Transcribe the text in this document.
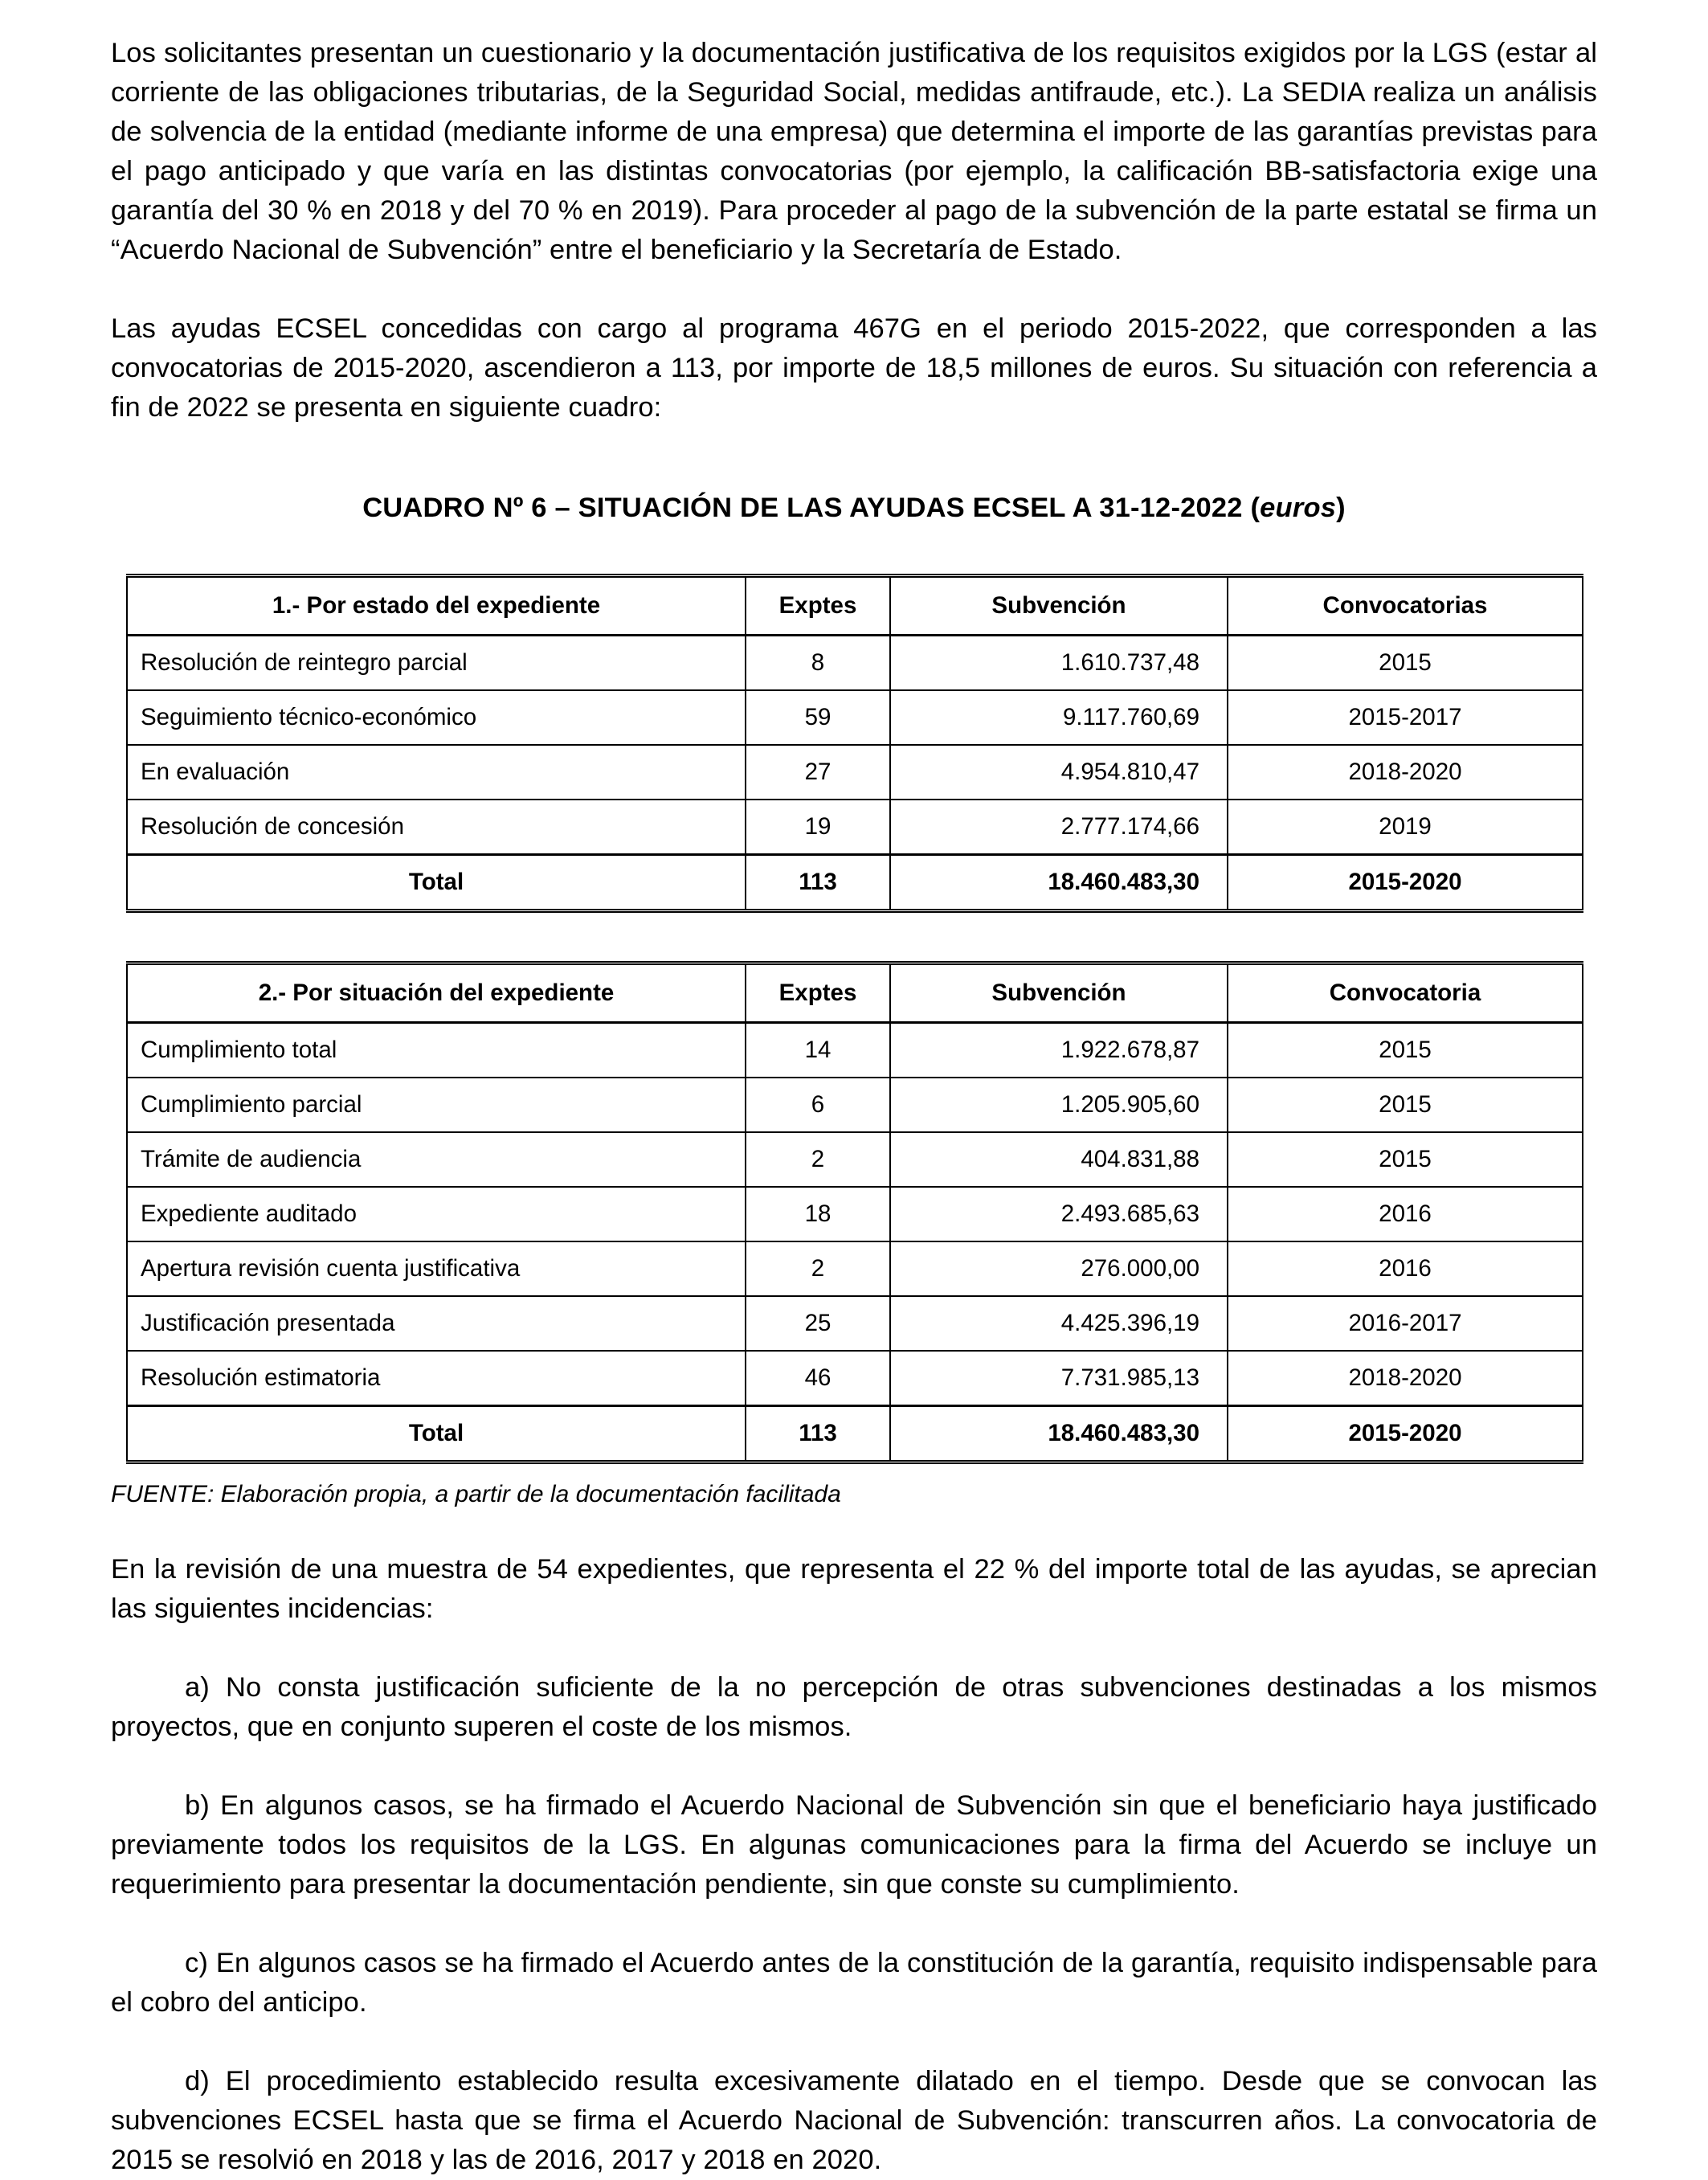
Los solicitantes presentan un cuestionario y la documentación justificativa de los requisitos exigidos por la LGS (estar al corriente de las obligaciones tributarias, de la Seguridad Social, medidas antifraude, etc.). La SEDIA realiza un análisis de solvencia de la entidad (mediante informe de una empresa) que determina el importe de las garantías previstas para el pago anticipado y que varía en las distintas convocatorias (por ejemplo, la calificación BB-satisfactoria exige una garantía del 30 % en 2018 y del 70 % en 2019). Para proceder al pago de la subvención de la parte estatal se firma un “Acuerdo Nacional de Subvención” entre el beneficiario y la Secretaría de Estado.

Las ayudas ECSEL concedidas con cargo al programa 467G en el periodo 2015-2022, que corresponden a las convocatorias de 2015-2020, ascendieron a 113, por importe de 18,5 millones de euros. Su situación con referencia a fin de 2022 se presenta en siguiente cuadro:

CUADRO Nº 6 – SITUACIÓN DE LAS AYUDAS ECSEL A 31-12-2022 (euros)
1.- Por estado del expediente	Exptes	Subvención	Convocatorias
Resolución de reintegro parcial	8	1.610.737,48	2015
Seguimiento técnico-económico	59	9.117.760,69	2015-2017
En evaluación	27	4.954.810,47	2018-2020
Resolución de concesión	19	2.777.174,66	2019
Total	113	18.460.483,30	2015-2020
2.- Por situación del expediente	Exptes	Subvención	Convocatoria
Cumplimiento total	14	1.922.678,87	2015
Cumplimiento parcial	6	1.205.905,60	2015
Trámite de audiencia	2	404.831,88	2015
Expediente auditado	18	2.493.685,63	2016
Apertura revisión cuenta justificativa	2	276.000,00	2016
Justificación presentada	25	4.425.396,19	2016-2017
Resolución estimatoria	46	7.731.985,13	2018-2020
Total	113	18.460.483,30	2015-2020
FUENTE: Elaboración propia, a partir de la documentación facilitada

En la revisión de una muestra de 54 expedientes, que representa el 22 % del importe total de las ayudas, se aprecian las siguientes incidencias:

a) No consta justificación suficiente de la no percepción de otras subvenciones destinadas a los mismos proyectos, que en conjunto superen el coste de los mismos.

b) En algunos casos, se ha firmado el Acuerdo Nacional de Subvención sin que el beneficiario haya justificado previamente todos los requisitos de la LGS. En algunas comunicaciones para la firma del Acuerdo se incluye un requerimiento para presentar la documentación pendiente, sin que conste su cumplimiento.

c) En algunos casos se ha firmado el Acuerdo antes de la constitución de la garantía, requisito indispensable para el cobro del anticipo.

d) El procedimiento establecido resulta excesivamente dilatado en el tiempo. Desde que se convocan las subvenciones ECSEL hasta que se firma el Acuerdo Nacional de Subvención: transcurren años. La convocatoria de 2015 se resolvió en 2018 y las de 2016, 2017 y 2018 en 2020.
